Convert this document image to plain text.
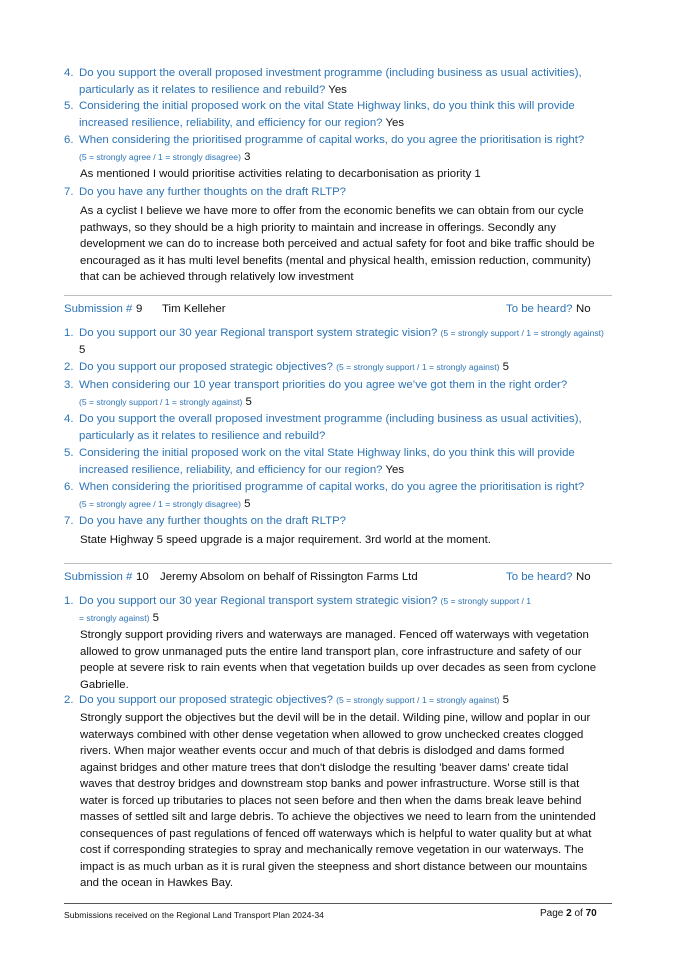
4. Do you support the overall proposed investment programme (including business as usual activities), particularly as it relates to resilience and rebuild? Yes
5. Considering the initial proposed work on the vital State Highway links, do you think this will provide increased resilience, reliability, and efficiency for our region? Yes
6. When considering the prioritised programme of capital works, do you agree the prioritisation is right?
(5 = strongly agree / 1 = strongly disagree) 3
As mentioned I would prioritise activities relating to decarbonisation as priority 1
7. Do you have any further thoughts on the draft RLTP?
As a cyclist I believe we have more to offer from the economic benefits we can obtain from our cycle pathways, so they should be a high priority to maintain and increase in offerings. Secondly any development we can do to increase both perceived and actual safety for foot and bike traffic should be encouraged as it has multi level benefits (mental and physical health, emission reduction, community) that can be achieved through relatively low investment
Submission # 9 Tim Kelleher	To be heard? No
1. Do you support our 30 year Regional transport system strategic vision? (5 = strongly support / 1 = strongly against) 5
2. Do you support our proposed strategic objectives? (5 = strongly support / 1 = strongly against) 5
3. When considering our 10 year transport priorities do you agree we’ve got them in the right order?
(5 = strongly support / 1 = strongly against) 5
4. Do you support the overall proposed investment programme (including business as usual activities), particularly as it relates to resilience and rebuild?
5. Considering the initial proposed work on the vital State Highway links, do you think this will provide increased resilience, reliability, and efficiency for our region? Yes
6. When considering the prioritised programme of capital works, do you agree the prioritisation is right?
(5 = strongly agree / 1 = strongly disagree) 5
7. Do you have any further thoughts on the draft RLTP?
State Highway 5 speed upgrade is a major requirement. 3rd world at the moment.
Submission # 10 Jeremy Absolom on behalf of Rissington Farms Ltd	To be heard? No
1. Do you support our 30 year Regional transport system strategic vision? (5 = strongly support / 1 = strongly against) 5
Strongly support providing rivers and waterways are managed. Fenced off waterways with vegetation allowed to grow unmanaged puts the entire land transport plan, core infrastructure and safety of our people at severe risk to rain events when that vegetation builds up over decades as seen from cyclone Gabrielle.
2. Do you support our proposed strategic objectives? (5 = strongly support / 1 = strongly against) 5
Strongly support the objectives but the devil will be in the detail. Wilding pine, willow and poplar in our waterways combined with other dense vegetation when allowed to grow unchecked creates clogged rivers. When major weather events occur and much of that debris is dislodged and dams formed against bridges and other mature trees that don't dislodge the resulting 'beaver dams' create tidal waves that destroy bridges and downstream stop banks and power infrastructure. Worse still is that water is forced up tributaries to places not seen before and then when the dams break leave behind masses of settled silt and large debris. To achieve the objectives we need to learn from the unintended consequences of past regulations of fenced off waterways which is helpful to water quality but at what cost if corresponding strategies to spray and mechanically remove vegetation in our waterways. The impact is as much urban as it is rural given the steepness and short distance between our mountains and the ocean in Hawkes Bay.
Submissions received on the Regional Land Transport Plan 2024-34	Page 2 of 70
